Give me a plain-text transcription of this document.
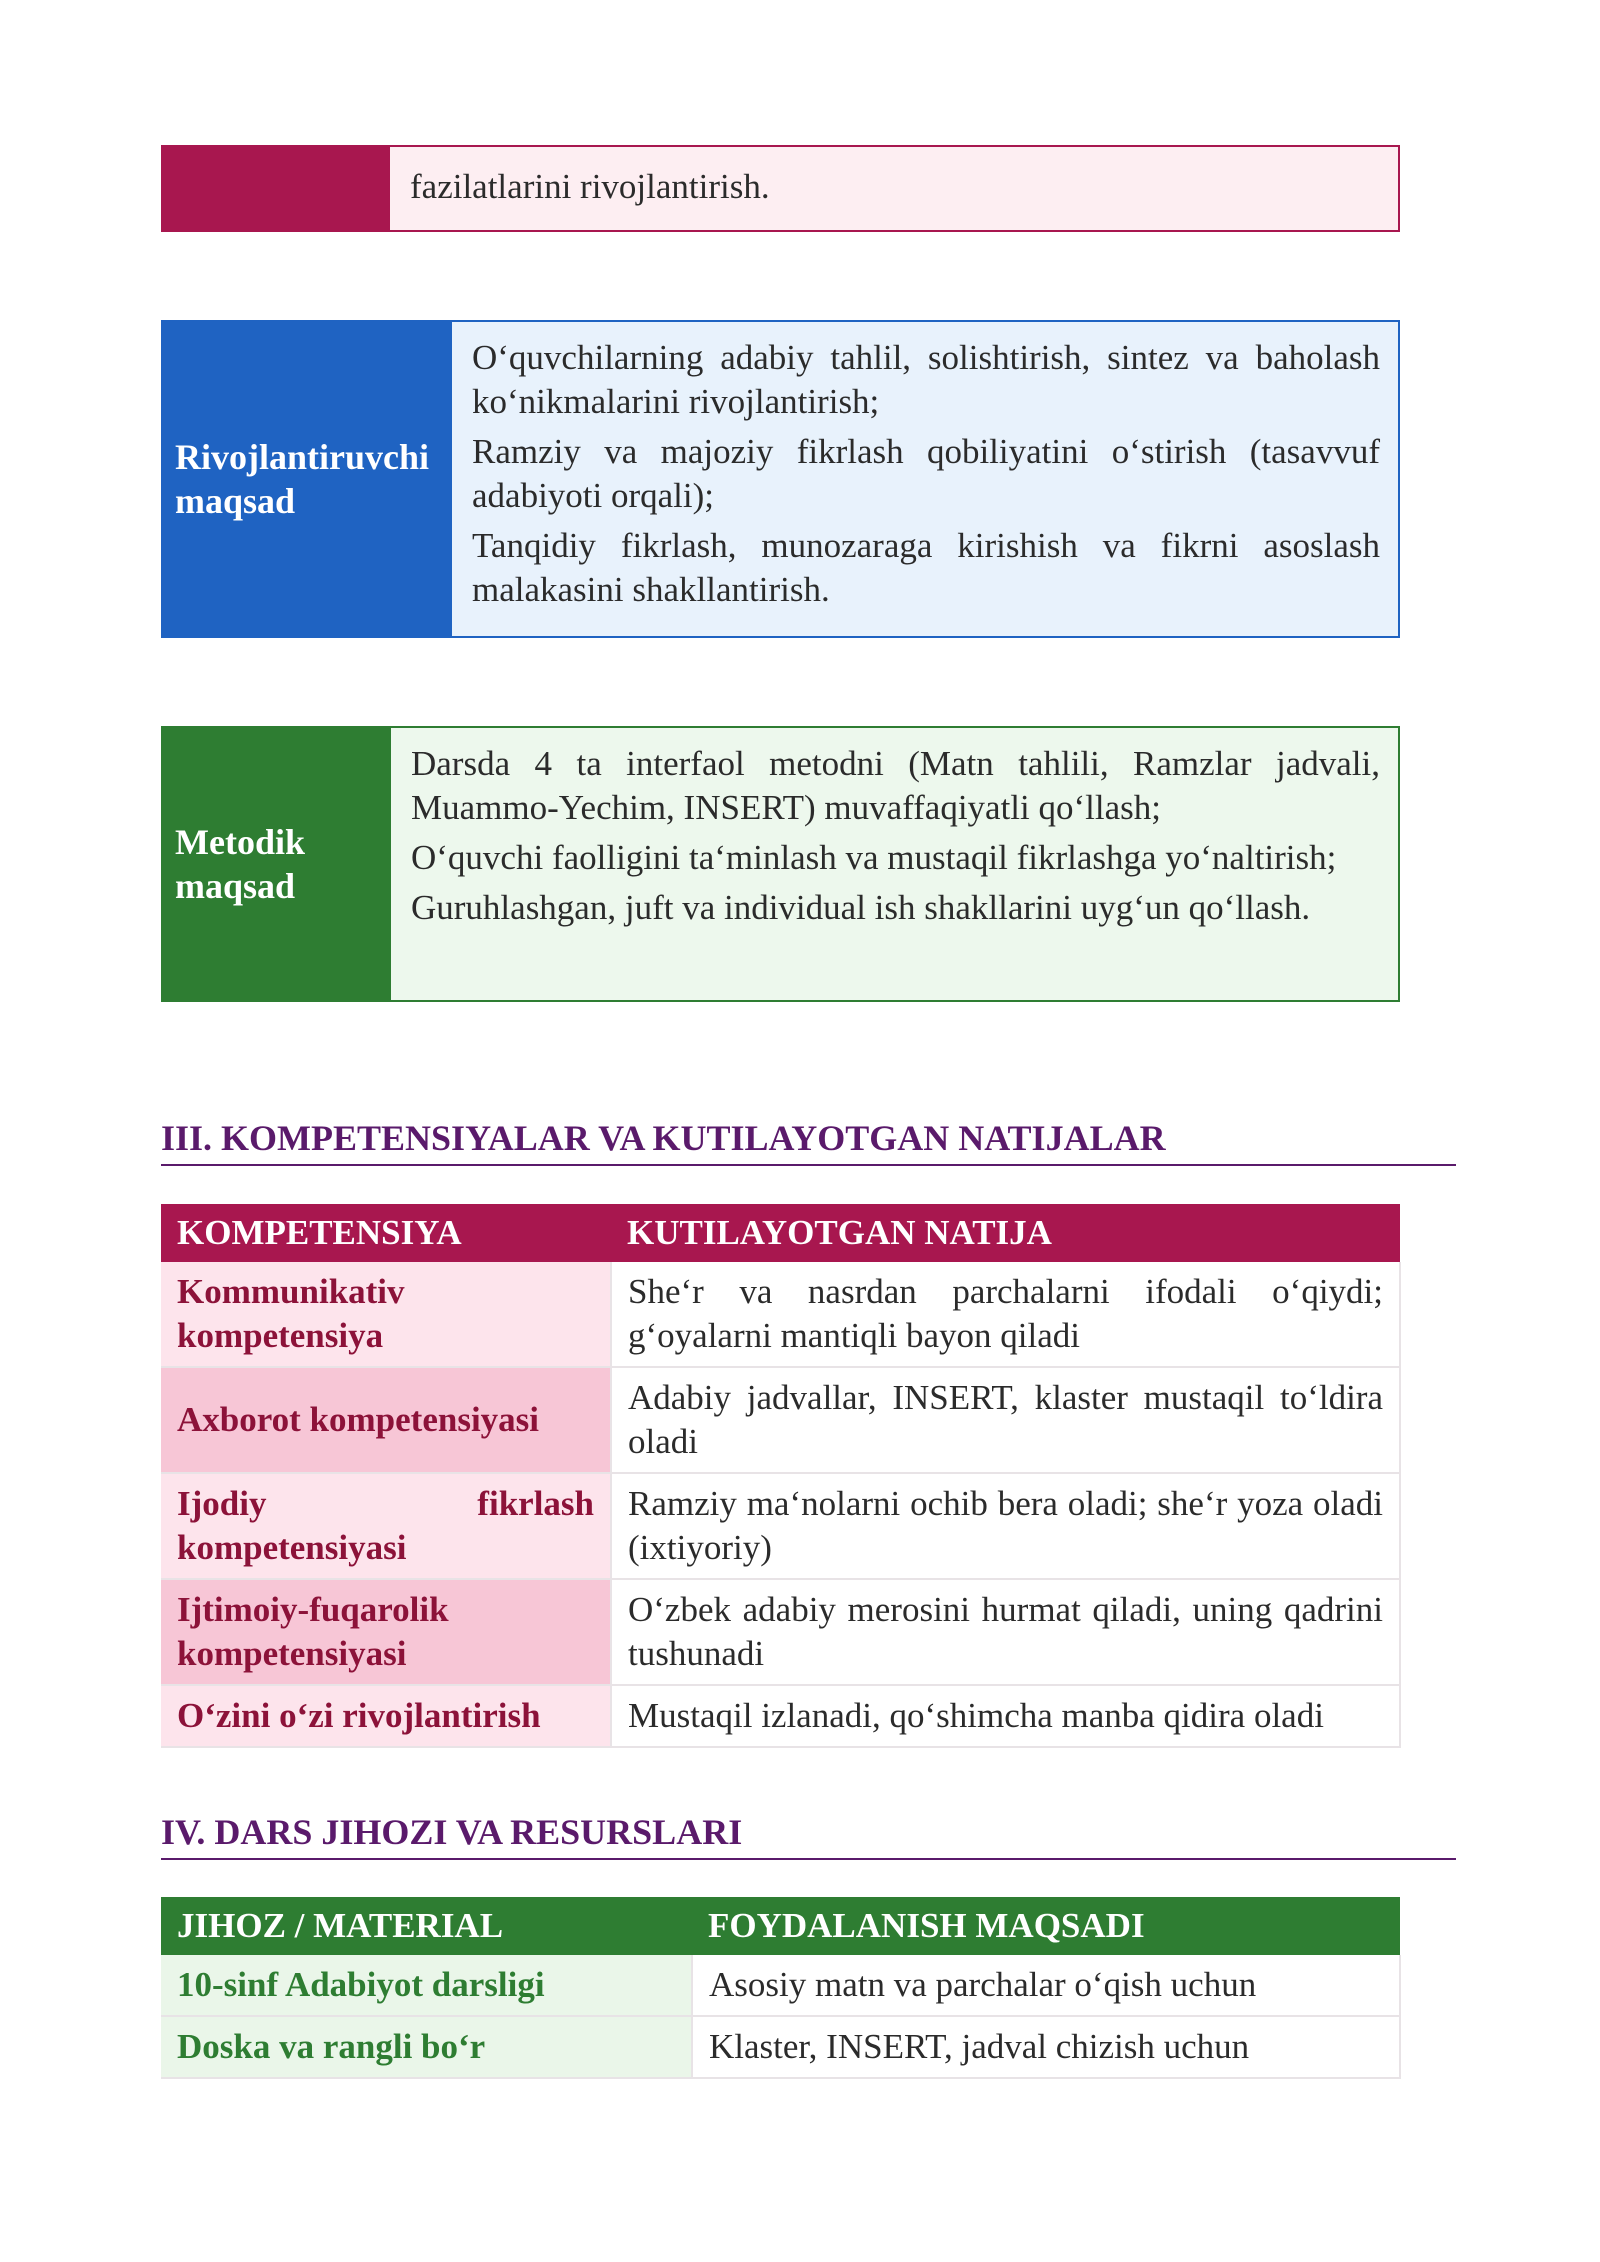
fazilatlarini rivojlantirish.

Rivojlantiruvchi maqsad

O‘quvchilarning adabiy tahlil, solishtirish, sintez va baholash ko‘nikmalarini rivojlantirish;

Ramziy va majoziy fikrlash qobiliyatini o‘stirish (tasavvuf adabiyoti orqali);

Tanqidiy fikrlash, munozaraga kirishish va fikrni asoslash malakasini shakllantirish.

Metodik maqsad

Darsda 4 ta interfaol metodni (Matn tahlili, Ramzlar jadvali, Muammo-Yechim, INSERT) muvaffaqiyatli qo‘llash;

O‘quvchi faolligini ta‘minlash va mustaqil fikrlashga yo‘naltirish;

Guruhlashgan, juft va individual ish shakllarini uyg‘un qo‘llash.

III. KOMPETENSIYALAR VA KUTILAYOTGAN NATIJALAR
KOMPETENSIYA	KUTILAYOTGAN NATIJA
Kommunikativ kompetensiya	She‘r va nasrdan parchalarni ifodali o‘qiydi; g‘oyalarni mantiqli bayon qiladi
Axborot kompetensiyasi	Adabiy jadvallar, INSERT, klaster mustaqil to‘ldira oladi
Ijodiy fikrlash kompetensiyasi	Ramziy ma‘nolarni ochib bera oladi; she‘r yoza oladi (ixtiyoriy)
Ijtimoiy-fuqarolik kompetensiyasi	O‘zbek adabiy merosini hurmat qiladi, uning qadrini tushunadi
O‘zini o‘zi rivojlantirish	Mustaqil izlanadi, qo‘shimcha manba qidira oladi
IV. DARS JIHOZI VA RESURSLARI
JIHOZ / MATERIAL	FOYDALANISH MAQSADI
10-sinf Adabiyot darsligi	Asosiy matn va parchalar o‘qish uchun
Doska va rangli bo‘r	Klaster, INSERT, jadval chizish uchun
